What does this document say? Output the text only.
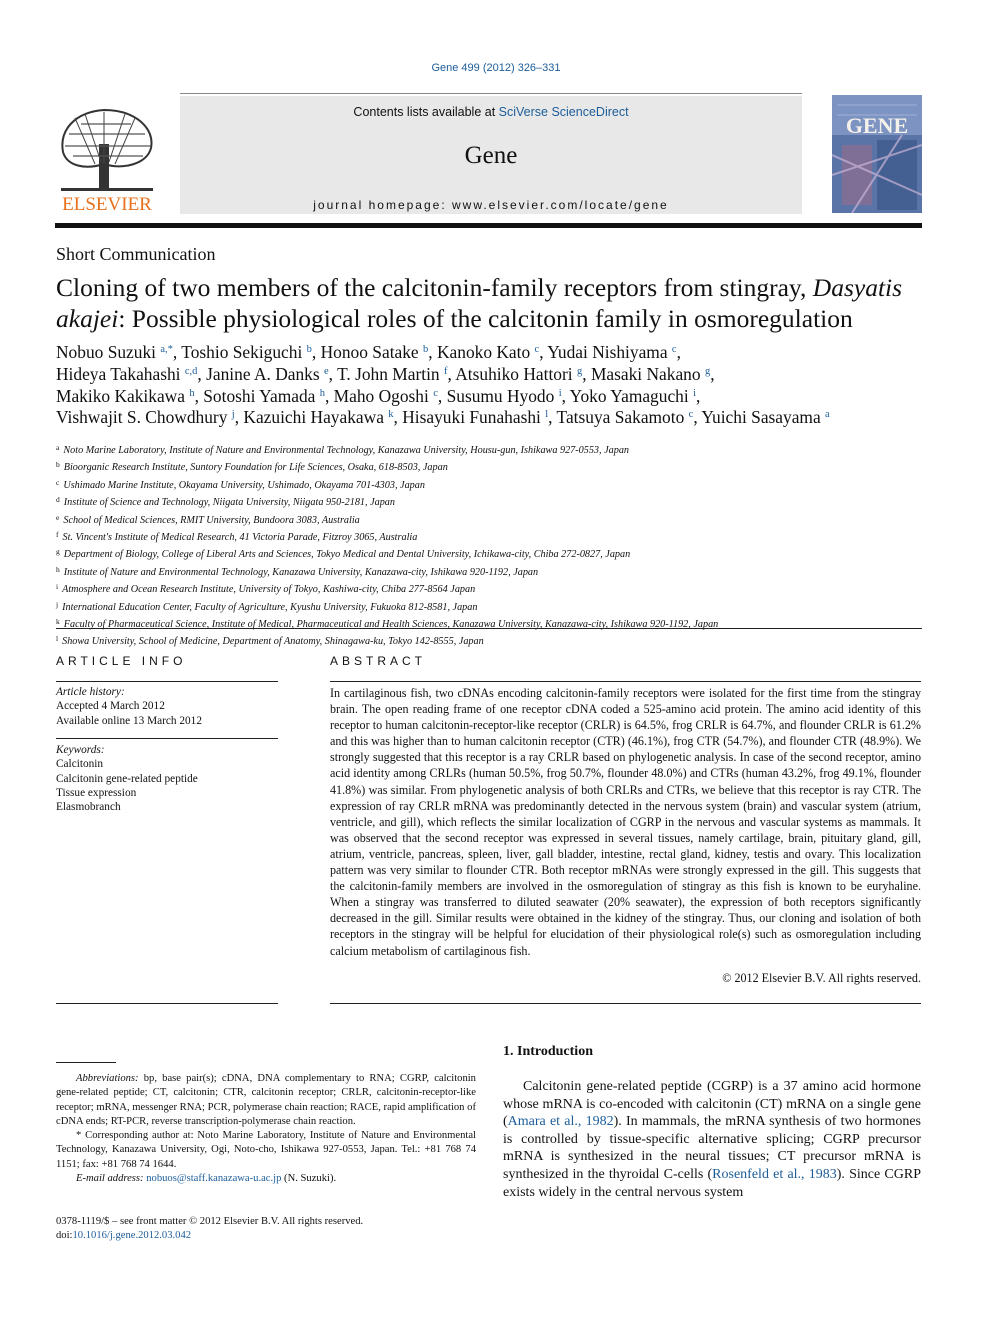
Gene 499 (2012) 326–331
ELSEVIER
Contents lists available at SciVerse ScienceDirect
Gene
journal homepage: www.elsevier.com/locate/gene
GENE
Short Communication
Cloning of two members of the calcitonin-family receptors from stingray, Dasyatis akajei: Possible physiological roles of the calcitonin family in osmoregulation
Nobuo Suzuki $^{a,*}$, Toshio Sekiguchi $^b$, Honoo Satake $^b$, Kanoko Kato $^c$, Yudai Nishiyama $^c$,
Hideya Takahashi $^{c,d}$, Janine A. Danks $^e$, T. John Martin $^f$, Atsuhiko Hattori $^g$, Masaki Nakano $^g$,
Makiko Kakikawa $^h$, Sotoshi Yamada $^h$, Maho Ogoshi $^c$, Susumu Hyodo $^i$, Yoko Yamaguchi $^i$,
Vishwajit S. Chowdhury $^j$, Kazuichi Hayakawa $^k$, Hisayuki Funahashi $^l$, Tatsuya Sakamoto $^c$, Yuichi Sasayama $^a$
$^a$ Noto Marine Laboratory, Institute of Nature and Environmental Technology, Kanazawa University, Housu-gun, Ishikawa 927-0553, Japan
$^b$ Bioorganic Research Institute, Suntory Foundation for Life Sciences, Osaka, 618-8503, Japan
$^c$ Ushimado Marine Institute, Okayama University, Ushimado, Okayama 701-4303, Japan
$^d$ Institute of Science and Technology, Niigata University, Niigata 950-2181, Japan
$^e$ School of Medical Sciences, RMIT University, Bundoora 3083, Australia
$^f$ St. Vincent's Institute of Medical Research, 41 Victoria Parade, Fitzroy 3065, Australia
$^g$ Department of Biology, College of Liberal Arts and Sciences, Tokyo Medical and Dental University, Ichikawa-city, Chiba 272-0827, Japan
$^h$ Institute of Nature and Environmental Technology, Kanazawa University, Kanazawa-city, Ishikawa 920-1192, Japan
$^i$ Atmosphere and Ocean Research Institute, University of Tokyo, Kashiwa-city, Chiba 277-8564 Japan
$^j$ International Education Center, Faculty of Agriculture, Kyushu University, Fukuoka 812-8581, Japan
$^k$ Faculty of Pharmaceutical Science, Institute of Medical, Pharmaceutical and Health Sciences, Kanazawa University, Kanazawa-city, Ishikawa 920-1192, Japan
$^l$ Showa University, School of Medicine, Department of Anatomy, Shinagawa-ku, Tokyo 142-8555, Japan
ARTICLE INFO
Article history:
Accepted 4 March 2012
Available online 13 March 2012
Keywords:
Calcitonin
Calcitonin gene-related peptide
Tissue expression
Elasmobranch
ABSTRACT
In cartilaginous fish, two cDNAs encoding calcitonin-family receptors were isolated for the first time from the stingray brain. The open reading frame of one receptor cDNA coded a 525-amino acid protein. The amino acid identity of this receptor to human calcitonin-receptor-like receptor (CRLR) is 64.5%, frog CRLR is 64.7%, and flounder CRLR is 61.2% and this was higher than to human calcitonin receptor (CTR) (46.1%), frog CTR (54.7%), and flounder CTR (48.9%). We strongly suggested that this receptor is a ray CRLR based on phylogenetic analysis. In case of the second receptor, amino acid identity among CRLRs (human 50.5%, frog 50.7%, flounder 48.0%) and CTRs (human 43.2%, frog 49.1%, flounder 41.8%) was similar. From phylogenetic analysis of both CRLRs and CTRs, we believe that this receptor is ray CTR. The expression of ray CRLR mRNA was predominantly detected in the nervous system (brain) and vascular system (atrium, ventricle, and gill), which reflects the similar localization of CGRP in the nervous and vascular systems as mammals. It was observed that the second receptor was expressed in several tissues, namely cartilage, brain, pituitary gland, gill, atrium, ventricle, pancreas, spleen, liver, gall bladder, intestine, rectal gland, kidney, testis and ovary. This localization pattern was very similar to flounder CTR. Both receptor mRNAs were strongly expressed in the gill. This suggests that the calcitonin-family members are involved in the osmoregulation of stingray as this fish is known to be euryhaline. When a stingray was transferred to diluted seawater (20% seawater), the expression of both receptors significantly decreased in the gill. Similar results were obtained in the kidney of the stingray. Thus, our cloning and isolation of both receptors in the stingray will be helpful for elucidation of their physiological role(s) such as osmoregulation including calcium metabolism of cartilaginous fish.
© 2012 Elsevier B.V. All rights reserved.

Abbreviations: bp, base pair(s); cDNA, DNA complementary to RNA; CGRP, calcitonin gene-related peptide; CT, calcitonin; CTR, calcitonin receptor; CRLR, calcitonin-receptor-like receptor; mRNA, messenger RNA; PCR, polymerase chain reaction; RACE, rapid amplification of cDNA ends; RT-PCR, reverse transcription-polymerase chain reaction.

* Corresponding author at: Noto Marine Laboratory, Institute of Nature and Environmental Technology, Kanazawa University, Ogi, Noto-cho, Ishikawa 927-0553, Japan. Tel.: +81 768 74 1151; fax: +81 768 74 1644.

E-mail address: nobuos@staff.kanazawa-u.ac.jp (N. Suzuki).

0378-1119/$ – see front matter © 2012 Elsevier B.V. All rights reserved.
doi:10.1016/j.gene.2012.03.042
1. Introduction
Calcitonin gene-related peptide (CGRP) is a 37 amino acid hormone whose mRNA is co-encoded with calcitonin (CT) mRNA on a single gene (Amara et al., 1982). In mammals, the mRNA synthesis of two hormones is controlled by tissue-specific alternative splicing; CGRP precursor mRNA is synthesized in the neural tissues; CT precursor mRNA is synthesized in the thyroidal C-cells (Rosenfeld et al., 1983). Since CGRP exists widely in the central nervous system
